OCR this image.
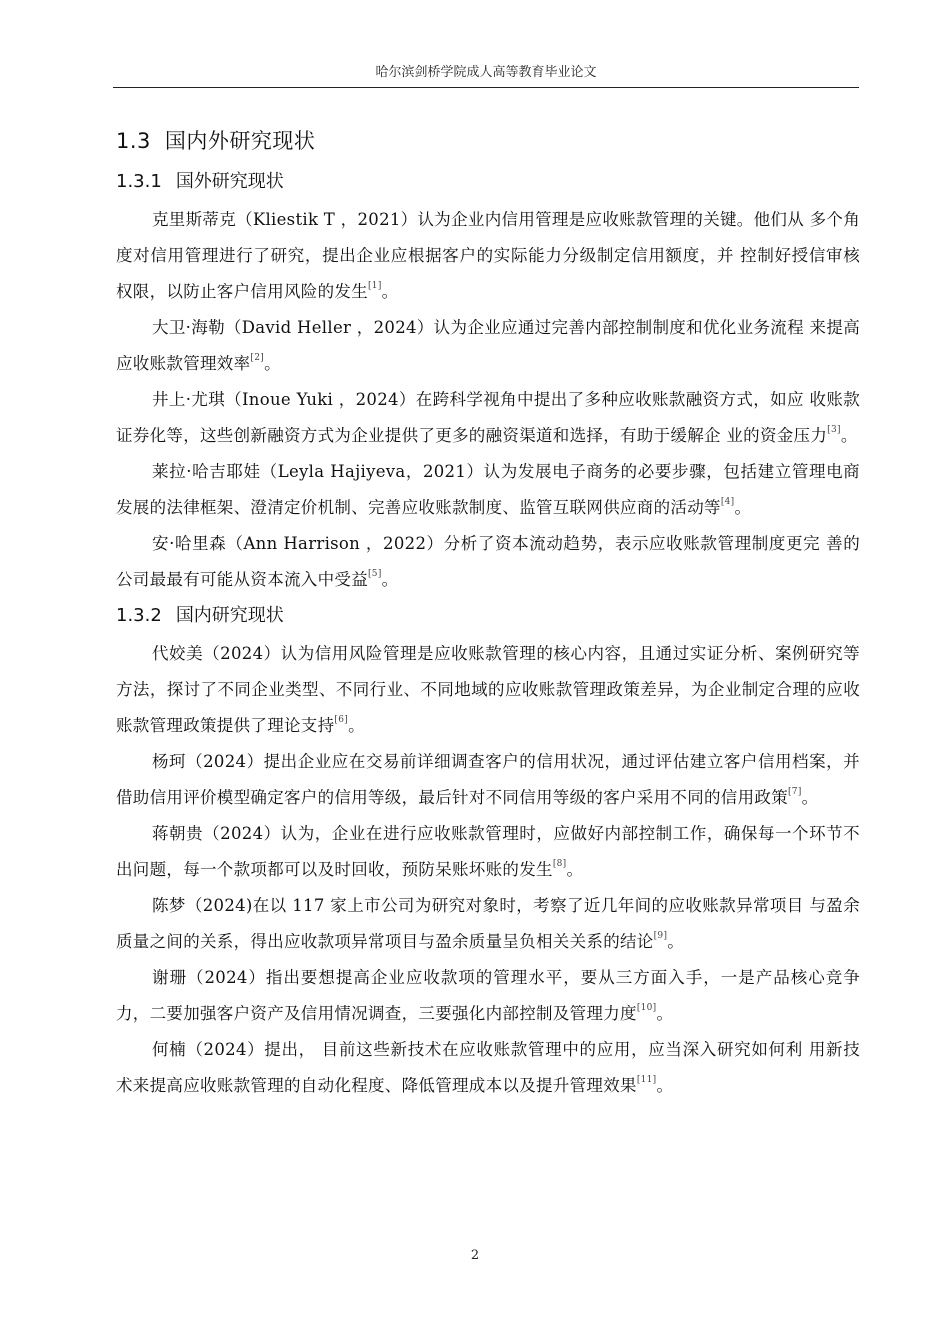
哈尔滨剑桥学院成人高等教育毕业论文
1.3 国内外研究现状
1.3.1 国外研究现状

克里斯蒂克（Kliestik T ，2021）认为企业内信用管理是应收账款管理的关键。他们从 多个角度对信用管理进行了研究，提出企业应根据客户的实际能力分级制定信用额度，并 控制好授信审核权限，以防止客户信用风险的发生[1]。

大卫·海勒（David Heller ，2024）认为企业应通过完善内部控制制度和优化业务流程 来提高应收账款管理效率[2]。

井上·尤琪（Inoue Yuki ，2024）在跨科学视角中提出了多种应收账款融资方式，如应 收账款证券化等，这些创新融资方式为企业提供了更多的融资渠道和选择，有助于缓解企 业的资金压力[3]。

莱拉·哈吉耶娃（Leyla Hajiyeva，2021）认为发展电子商务的必要步骤，包括建立管理电商发展的法律框架、澄清定价机制、完善应收账款制度、监管互联网供应商的活动等[4]。

安·哈里森（Ann Harrison ，2022）分析了资本流动趋势，表示应收账款管理制度更完 善的公司最最有可能从资本流入中受益[5]。

1.3.2 国内研究现状

代姣美（2024）认为信用风险管理是应收账款管理的核心内容，且通过实证分析、案例研究等方法，探讨了不同企业类型、不同行业、不同地域的应收账款管理政策差异，为企业制定合理的应收账款管理政策提供了理论支持[6]。

杨珂（2024）提出企业应在交易前详细调查客户的信用状况，通过评估建立客户信用档案，并借助信用评价模型确定客户的信用等级，最后针对不同信用等级的客户采用不同的信用政策[7]。

蒋朝贵（2024）认为，企业在进行应收账款管理时，应做好内部控制工作，确保每一个环节不出问题，每一个款项都可以及时回收，预防呆账坏账的发生[8]。

陈梦（2024)在以 117 家上市公司为研究对象时，考察了近几年间的应收账款异常项目 与盈余质量之间的关系，得出应收款项异常项目与盈余质量呈负相关关系的结论[9]。

谢珊（2024）指出要想提高企业应收款项的管理水平，要从三方面入手，一是产品核心竞争力，二要加强客户资产及信用情况调查，三要强化内部控制及管理力度[10]。

何楠（2024）提出， 目前这些新技术在应收账款管理中的应用，应当深入研究如何利 用新技术来提高应收账款管理的自动化程度、降低管理成本以及提升管理效果[11]。

2
